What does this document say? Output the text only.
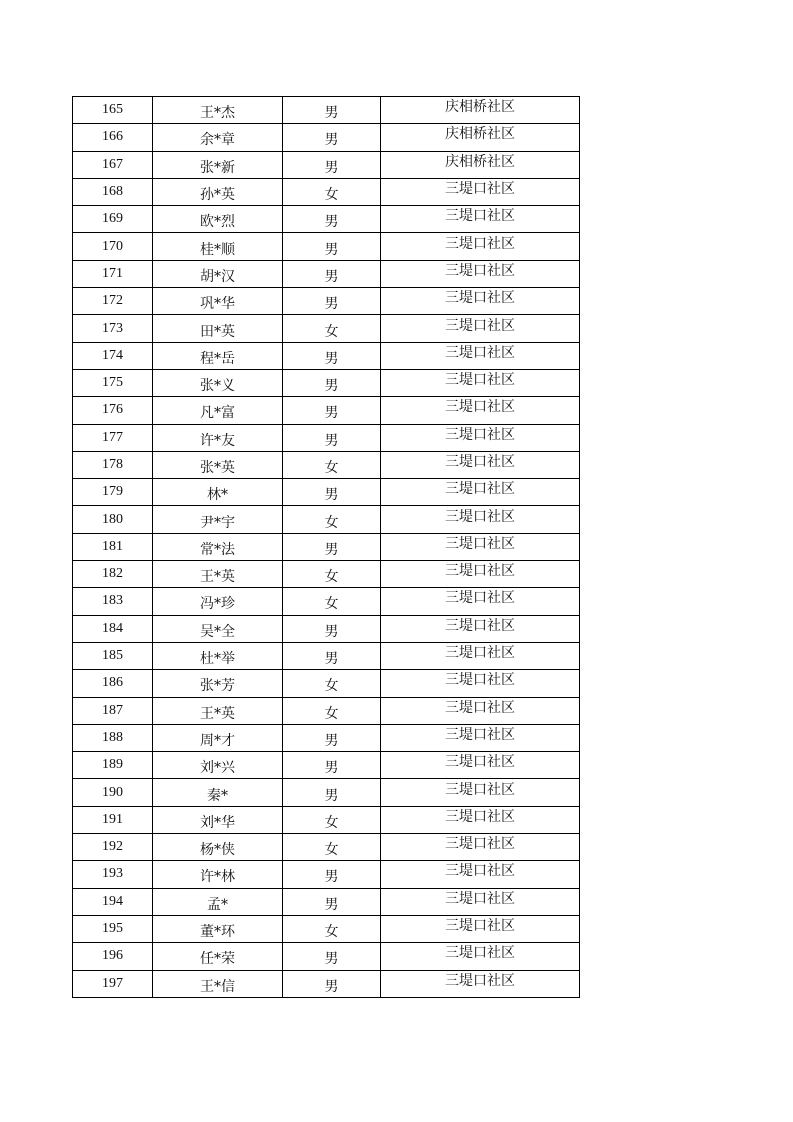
165	王*杰	男	庆相桥社区
166	余*章	男	庆相桥社区
167	张*新	男	庆相桥社区
168	孙*英	女	三堤口社区
169	欧*烈	男	三堤口社区
170	桂*顺	男	三堤口社区
171	胡*汉	男	三堤口社区
172	巩*华	男	三堤口社区
173	田*英	女	三堤口社区
174	程*岳	男	三堤口社区
175	张*义	男	三堤口社区
176	凡*富	男	三堤口社区
177	许*友	男	三堤口社区
178	张*英	女	三堤口社区
179	林*	男	三堤口社区
180	尹*宇	女	三堤口社区
181	常*法	男	三堤口社区
182	王*英	女	三堤口社区
183	冯*珍	女	三堤口社区
184	吴*全	男	三堤口社区
185	杜*举	男	三堤口社区
186	张*芳	女	三堤口社区
187	王*英	女	三堤口社区
188	周*才	男	三堤口社区
189	刘*兴	男	三堤口社区
190	秦*	男	三堤口社区
191	刘*华	女	三堤口社区
192	杨*侠	女	三堤口社区
193	许*林	男	三堤口社区
194	孟*	男	三堤口社区
195	董*环	女	三堤口社区
196	任*荣	男	三堤口社区
197	王*信	男	三堤口社区
